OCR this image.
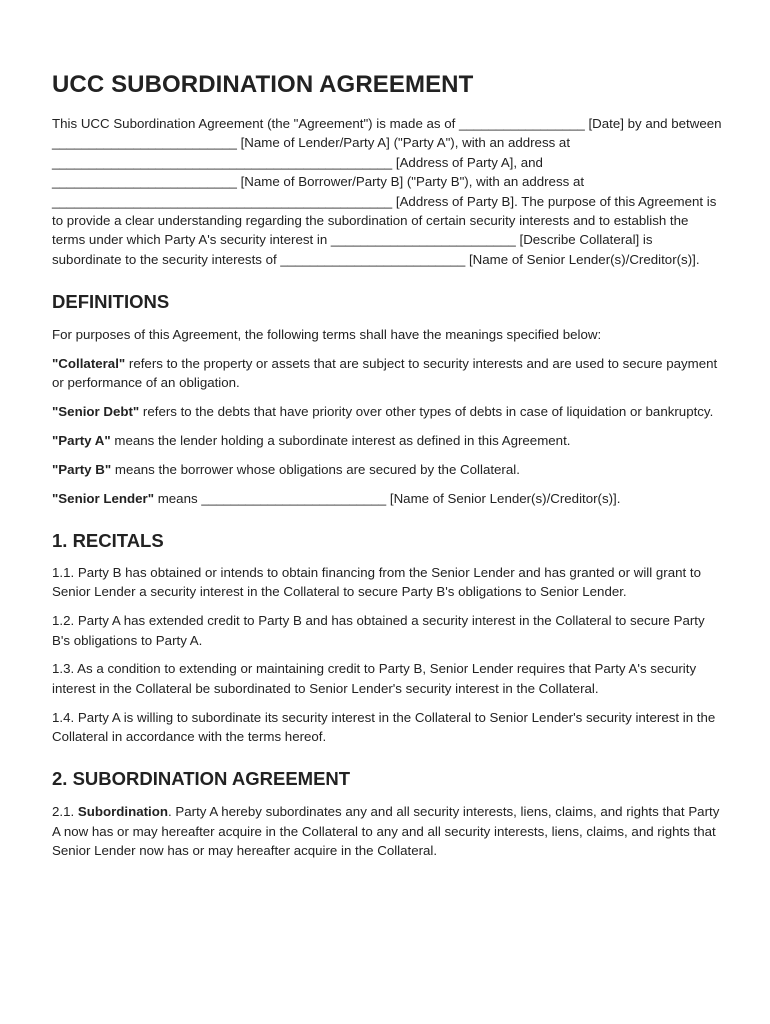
UCC SUBORDINATION AGREEMENT

This UCC Subordination Agreement (the "Agreement") is made as of _________________ [Date] by and between _________________________ [Name of Lender/Party A] ("Party A"), with an address at ______________________________________________ [Address of Party A], and _________________________ [Name of Borrower/Party B] ("Party B"), with an address at ______________________________________________ [Address of Party B]. The purpose of this Agreement is to provide a clear understanding regarding the subordination of certain security interests and to establish the terms under which Party A's security interest in _________________________ [Describe Collateral] is subordinate to the security interests of _________________________ [Name of Senior Lender(s)/Creditor(s)].

DEFINITIONS

For purposes of this Agreement, the following terms shall have the meanings specified below:

"Collateral" refers to the property or assets that are subject to security interests and are used to secure payment or performance of an obligation.

"Senior Debt" refers to the debts that have priority over other types of debts in case of liquidation or bankruptcy.

"Party A" means the lender holding a subordinate interest as defined in this Agreement.

"Party B" means the borrower whose obligations are secured by the Collateral.

"Senior Lender" means _________________________ [Name of Senior Lender(s)/Creditor(s)].

1. RECITALS

1.1. Party B has obtained or intends to obtain financing from the Senior Lender and has granted or will grant to Senior Lender a security interest in the Collateral to secure Party B's obligations to Senior Lender.

1.2. Party A has extended credit to Party B and has obtained a security interest in the Collateral to secure Party B's obligations to Party A.

1.3. As a condition to extending or maintaining credit to Party B, Senior Lender requires that Party A's security interest in the Collateral be subordinated to Senior Lender's security interest in the Collateral.

1.4. Party A is willing to subordinate its security interest in the Collateral to Senior Lender's security interest in the Collateral in accordance with the terms hereof.

2. SUBORDINATION AGREEMENT

2.1. Subordination. Party A hereby subordinates any and all security interests, liens, claims, and rights that Party A now has or may hereafter acquire in the Collateral to any and all security interests, liens, claims, and rights that Senior Lender now has or may hereafter acquire in the Collateral.
